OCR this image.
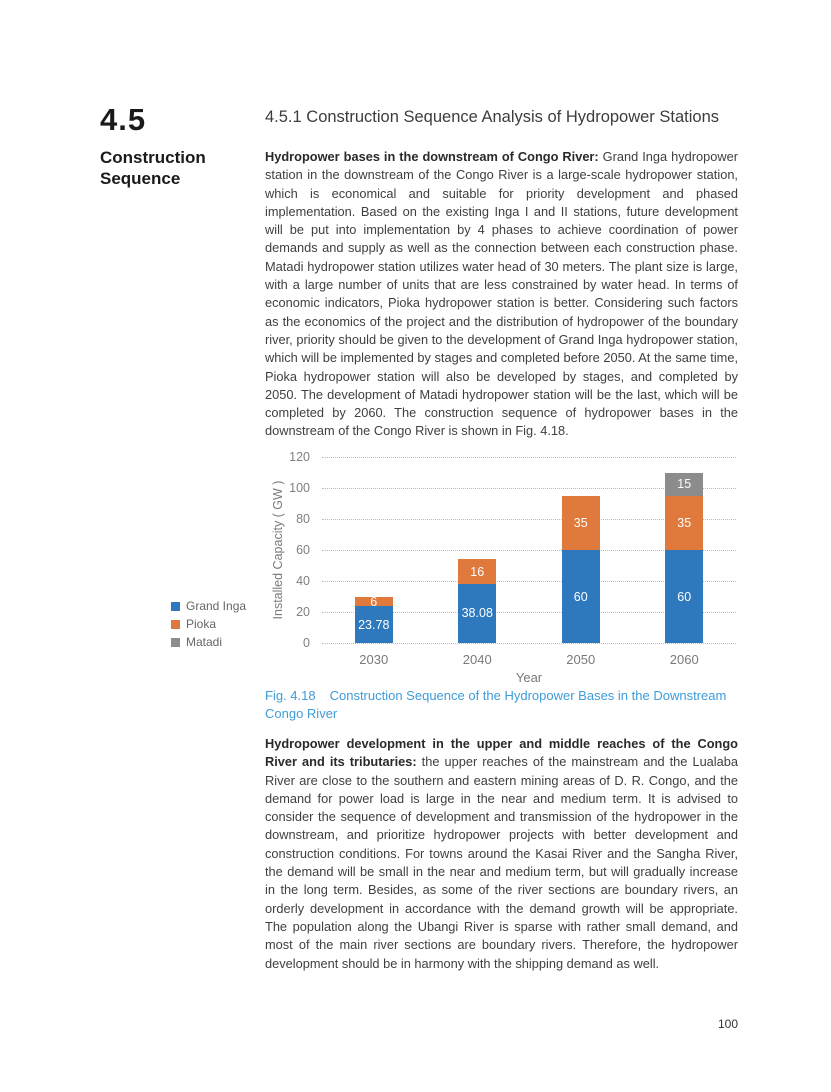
4.5
Construction Sequence
4.5.1 Construction Sequence Analysis of Hydropower Stations

Hydropower bases in the downstream of Congo River: Grand Inga hydropower station in the downstream of the Congo River is a large-scale hydropower station, which is economical and suitable for priority development and phased implementation. Based on the existing Inga I and II stations, future development will be put into implementation by 4 phases to achieve coordination of power demands and supply as well as the connection between each construction phase. Matadi hydropower station utilizes water head of 30 meters. The plant size is large, with a large number of units that are less constrained by water head. In terms of economic indicators, Pioka hydropower station is better. Considering such factors as the economics of the project and the distribution of hydropower of the boundary river, priority should be given to the development of Grand Inga hydropower station, which will be implemented by stages and completed before 2050. At the same time, Pioka hydropower station will also be developed by stages, and completed by 2050. The development of Matadi hydropower station will be the last, which will be completed by 2060. The construction sequence of hydropower bases in the downstream of the Congo River is shown in Fig. 4.18.

Grand Inga
Pioka
Matadi
Installed Capacity ( GW )
0
20
40
60
80
100
120
23.78
6
38.08
16
60
35
60
35
15
2030	2040	2050	2060
Year

Fig. 4.18 Construction Sequence of the Hydropower Bases in the Downstream Congo River

Hydropower development in the upper and middle reaches of the Congo River and its tributaries: the upper reaches of the mainstream and the Lualaba River are close to the southern and eastern mining areas of D. R. Congo, and the demand for power load is large in the near and medium term. It is advised to consider the sequence of development and transmission of the hydropower in the downstream, and prioritize hydropower projects with better development and construction conditions. For towns around the Kasai River and the Sangha River, the demand will be small in the near and medium term, but will gradually increase in the long term. Besides, as some of the river sections are boundary rivers, an orderly development in accordance with the demand growth will be appropriate. The population along the Ubangi River is sparse with rather small demand, and most of the main river sections are boundary rivers. Therefore, the hydropower development should be in harmony with the shipping demand as well.

100
